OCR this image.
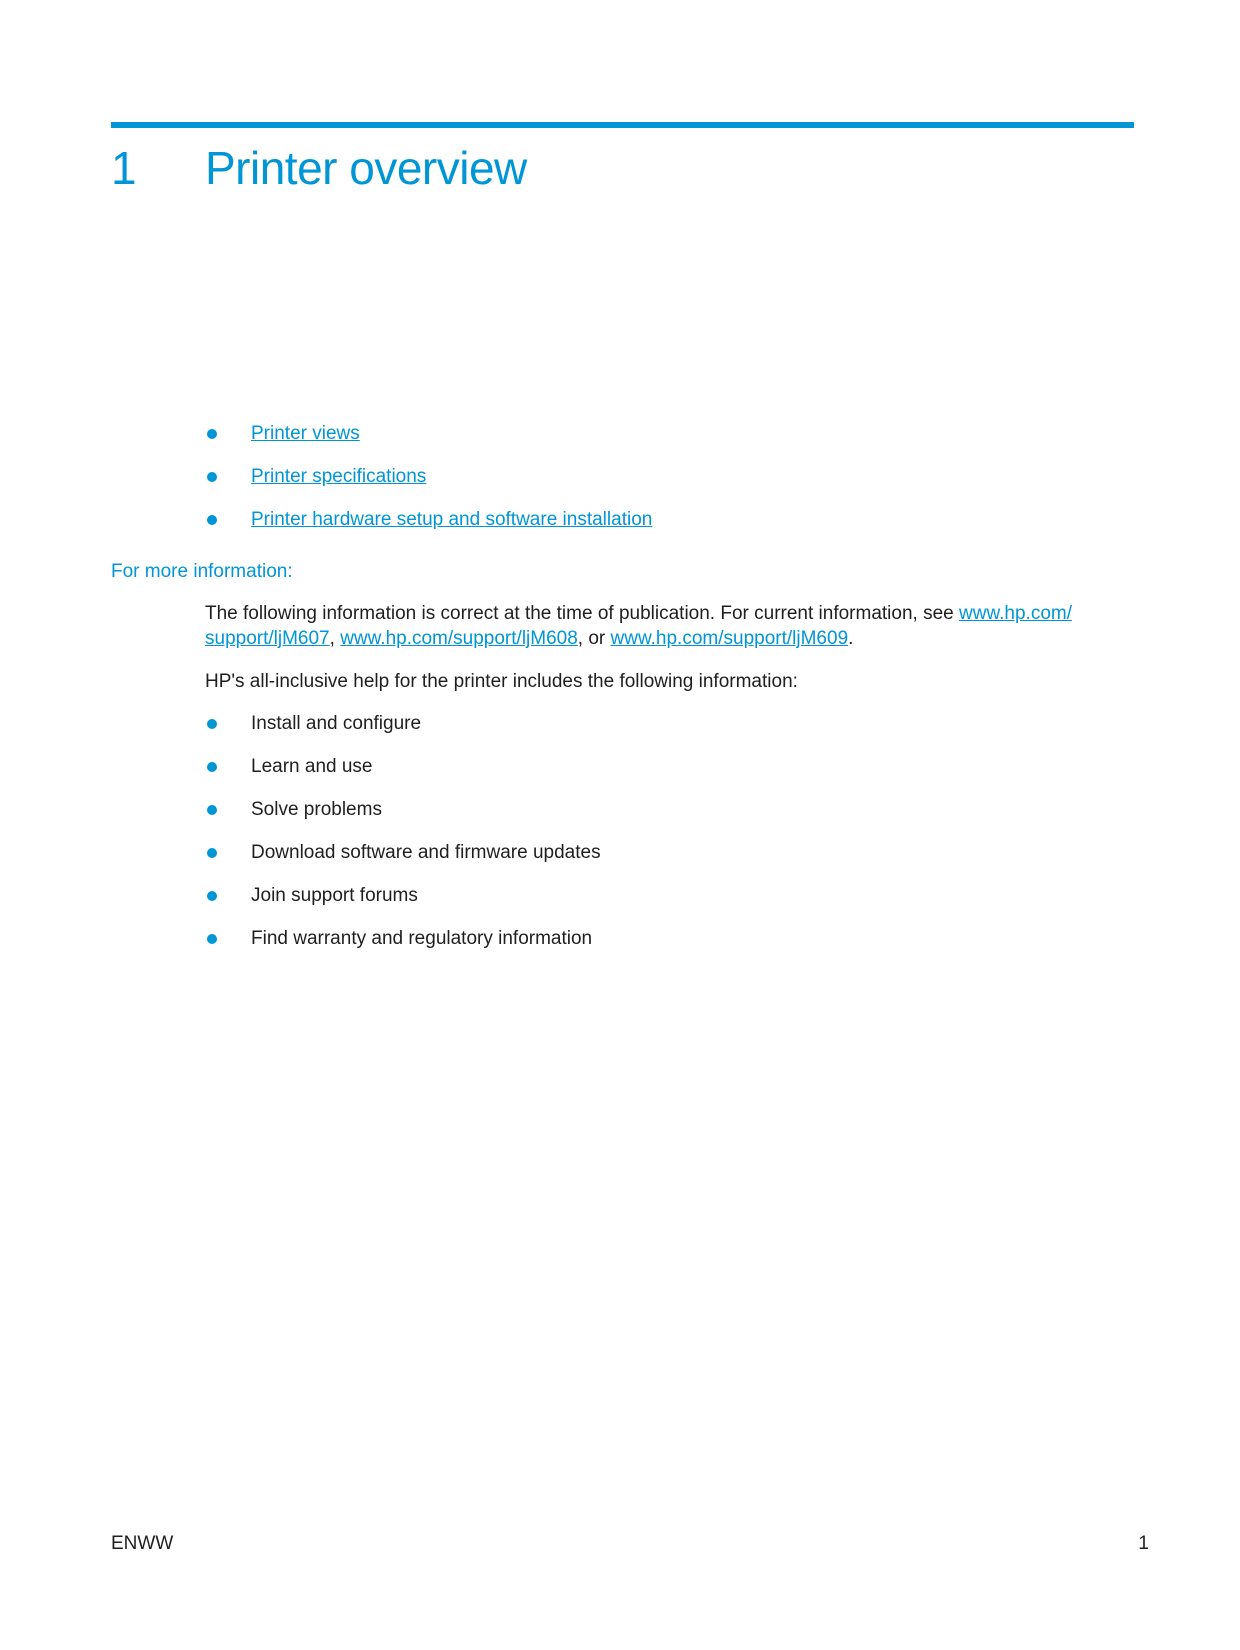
1 Printer overview
Printer views
Printer specifications
Printer hardware setup and software installation
For more information:
The following information is correct at the time of publication. For current information, see www.hp.com/ support/ljM607, www.hp.com/support/ljM608, or www.hp.com/support/ljM609.
HP's all-inclusive help for the printer includes the following information:
Install and configure
Learn and use
Solve problems
Download software and firmware updates
Join support forums
Find warranty and regulatory information
ENWW	1
